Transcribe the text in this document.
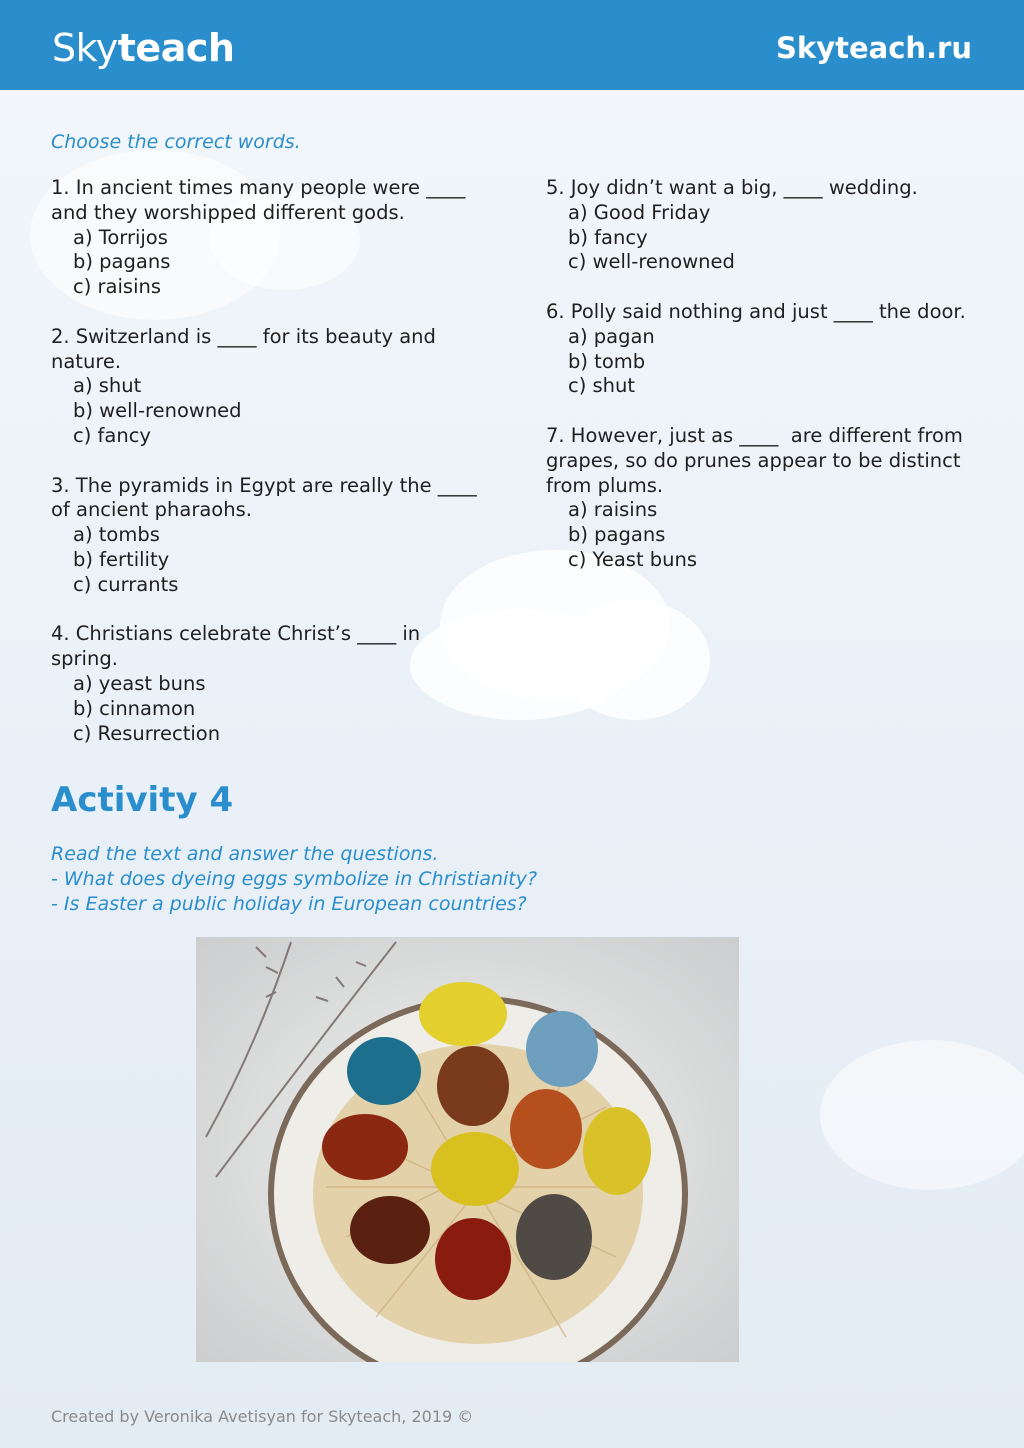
Skyteach	Skyteach.ru
Choose the correct words.
1. In ancient times many people were ____
and they worshipped different gods.
a) Torrijos
b) pagans
c) raisins
2. Switzerland is ____ for its beauty and
nature.
a) shut
b) well-renowned
c) fancy
3. The pyramids in Egypt are really the ____
of ancient pharaohs.
a) tombs
b) fertility
c) currants
4. Christians celebrate Christ’s ____ in
spring.
a) yeast buns
b) cinnamon
c) Resurrection
5. Joy didn’t want a big, ____ wedding.
a) Good Friday
b) fancy
c) well-renowned
6. Polly said nothing and just ____ the door.
a) pagan
b) tomb
c) shut
7. However, just as ____  are different from
grapes, so do prunes appear to be distinct
from plums.
a) raisins
b) pagans
c) Yeast buns
Activity 4
Read the text and answer the questions.
- What does dyeing eggs symbolize in Christianity?
- Is Easter a public holiday in European countries?
Created by Veronika Avetisyan for Skyteach, 2019 ©
